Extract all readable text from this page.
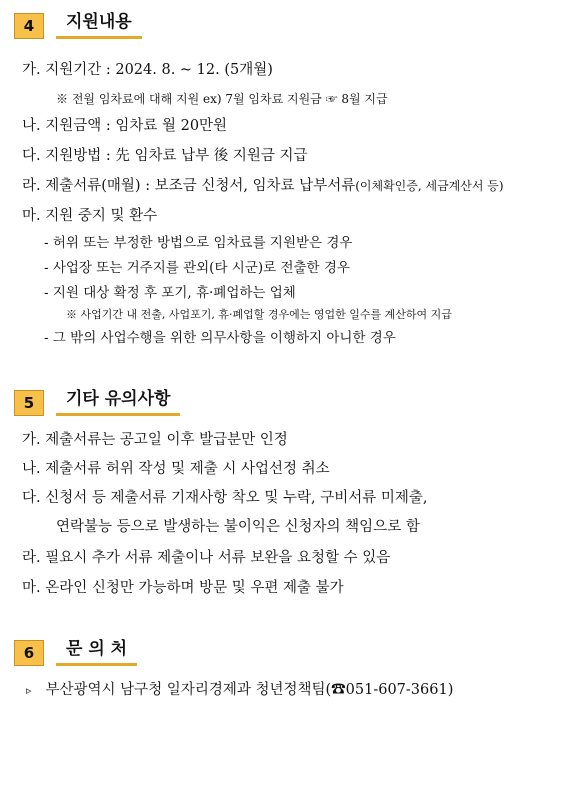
4	지원내용
가. 지원기간 : 2024. 8. ~ 12. (5개월)
※ 전월 임차료에 대해 지원 ex) 7월 임차료 지원금 ☞ 8월 지급
나. 지원금액 : 임차료 월 20만원
다. 지원방법 : 先 임차료 납부 後 지원금 지급
라. 제출서류(매월) : 보조금 신청서, 임차료 납부서류(이체확인증, 세금계산서 등)
마. 지원 중지 및 환수
- 허위 또는 부정한 방법으로 임차료를 지원받은 경우
- 사업장 또는 거주지를 관외(타 시군)로 전출한 경우
- 지원 대상 확정 후 포기, 휴·폐업하는 업체
※ 사업기간 내 전출, 사업포기, 휴·폐업할 경우에는 영업한 일수를 계산하여 지급
- 그 밖의 사업수행을 위한 의무사항을 이행하지 아니한 경우
5	기타 유의사항
가. 제출서류는 공고일 이후 발급분만 인정
나. 제출서류 허위 작성 및 제출 시 사업선정 취소
다. 신청서 등 제출서류 기재사항 착오 및 누락, 구비서류 미제출,
연락불능 등으로 발생하는 불이익은 신청자의 책임으로 함
라. 필요시 추가 서류 제출이나 서류 보완을 요청할 수 있음
마. 온라인 신청만 가능하며 방문 및 우편 제출 불가
6	문 의 처
▹ 부산광역시 남구청 일자리경제과 청년정책팀(☎051-607-3661)
